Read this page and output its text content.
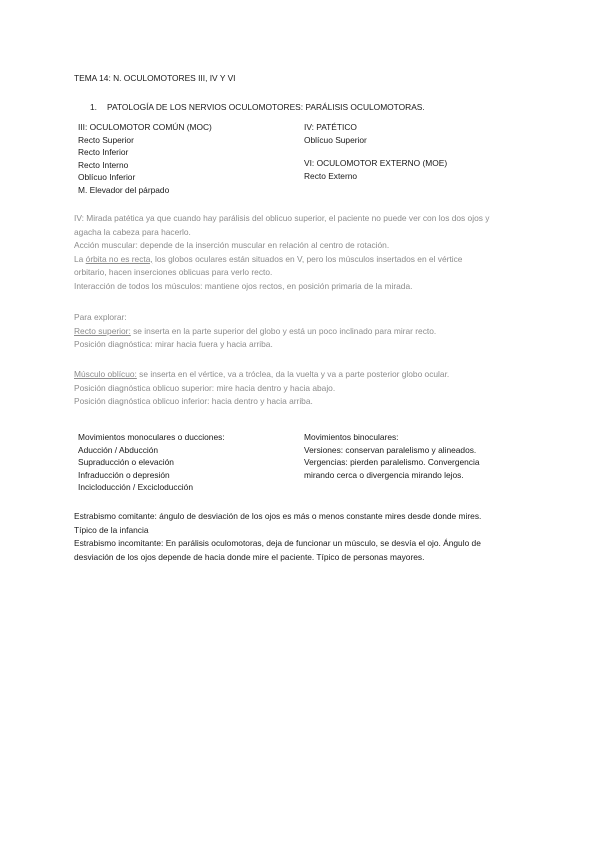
TEMA 14: N. OCULOMOTORES III, IV Y VI
1. PATOLOGÍA DE LOS NERVIOS OCULOMOTORES: PARÁLISIS OCULOMOTORAS.
III: OCULOMOTOR COMÚN (MOC)
Recto Superior
Recto Inferior
Recto Interno
Oblícuo Inferior
M. Elevador del párpado
IV: PATÉTICO
Oblícuo Superior
VI: OCULOMOTOR EXTERNO (MOE)
Recto Externo
IV: Mirada patética ya que cuando hay parálisis del oblicuo superior, el paciente no puede ver con los dos ojos y
agacha la cabeza para hacerlo.
Acción muscular: depende de la inserción muscular en relación al centro de rotación.
La órbita no es recta, los globos oculares están situados en V, pero los músculos insertados en el vértice
orbitario, hacen inserciones oblicuas para verlo recto.
Interacción de todos los músculos: mantiene ojos rectos, en posición primaria de la mirada.
Para explorar:
Recto superior: se inserta en la parte superior del globo y está un poco inclinado para mirar recto.
Posición diagnóstica: mirar hacia fuera y hacia arriba.
Músculo oblícuo: se inserta en el vértice, va a tróclea, da la vuelta y va a parte posterior globo ocular.
Posición diagnóstica oblicuo superior: mire hacia dentro y hacia abajo.
Posición diagnóstica oblicuo inferior: hacia dentro y hacia arriba.
Movimientos monoculares o ducciones:
Aducción / Abducción
Supraducción o elevación
Infraducción o depresión
Incicloducción / Excicloducción
Movimientos binoculares:
Versiones: conservan paralelismo y alineados.
Vergencias: pierden paralelismo. Convergencia
mirando cerca o divergencia mirando lejos.
Estrabismo comitante: ángulo de desviación de los ojos es más o menos constante mires desde donde mires.
Típico de la infancia
Estrabismo incomitante: En parálisis oculomotoras, deja de funcionar un músculo, se desvía el ojo. Ángulo de
desviación de los ojos depende de hacia donde mire el paciente. Típico de personas mayores.
